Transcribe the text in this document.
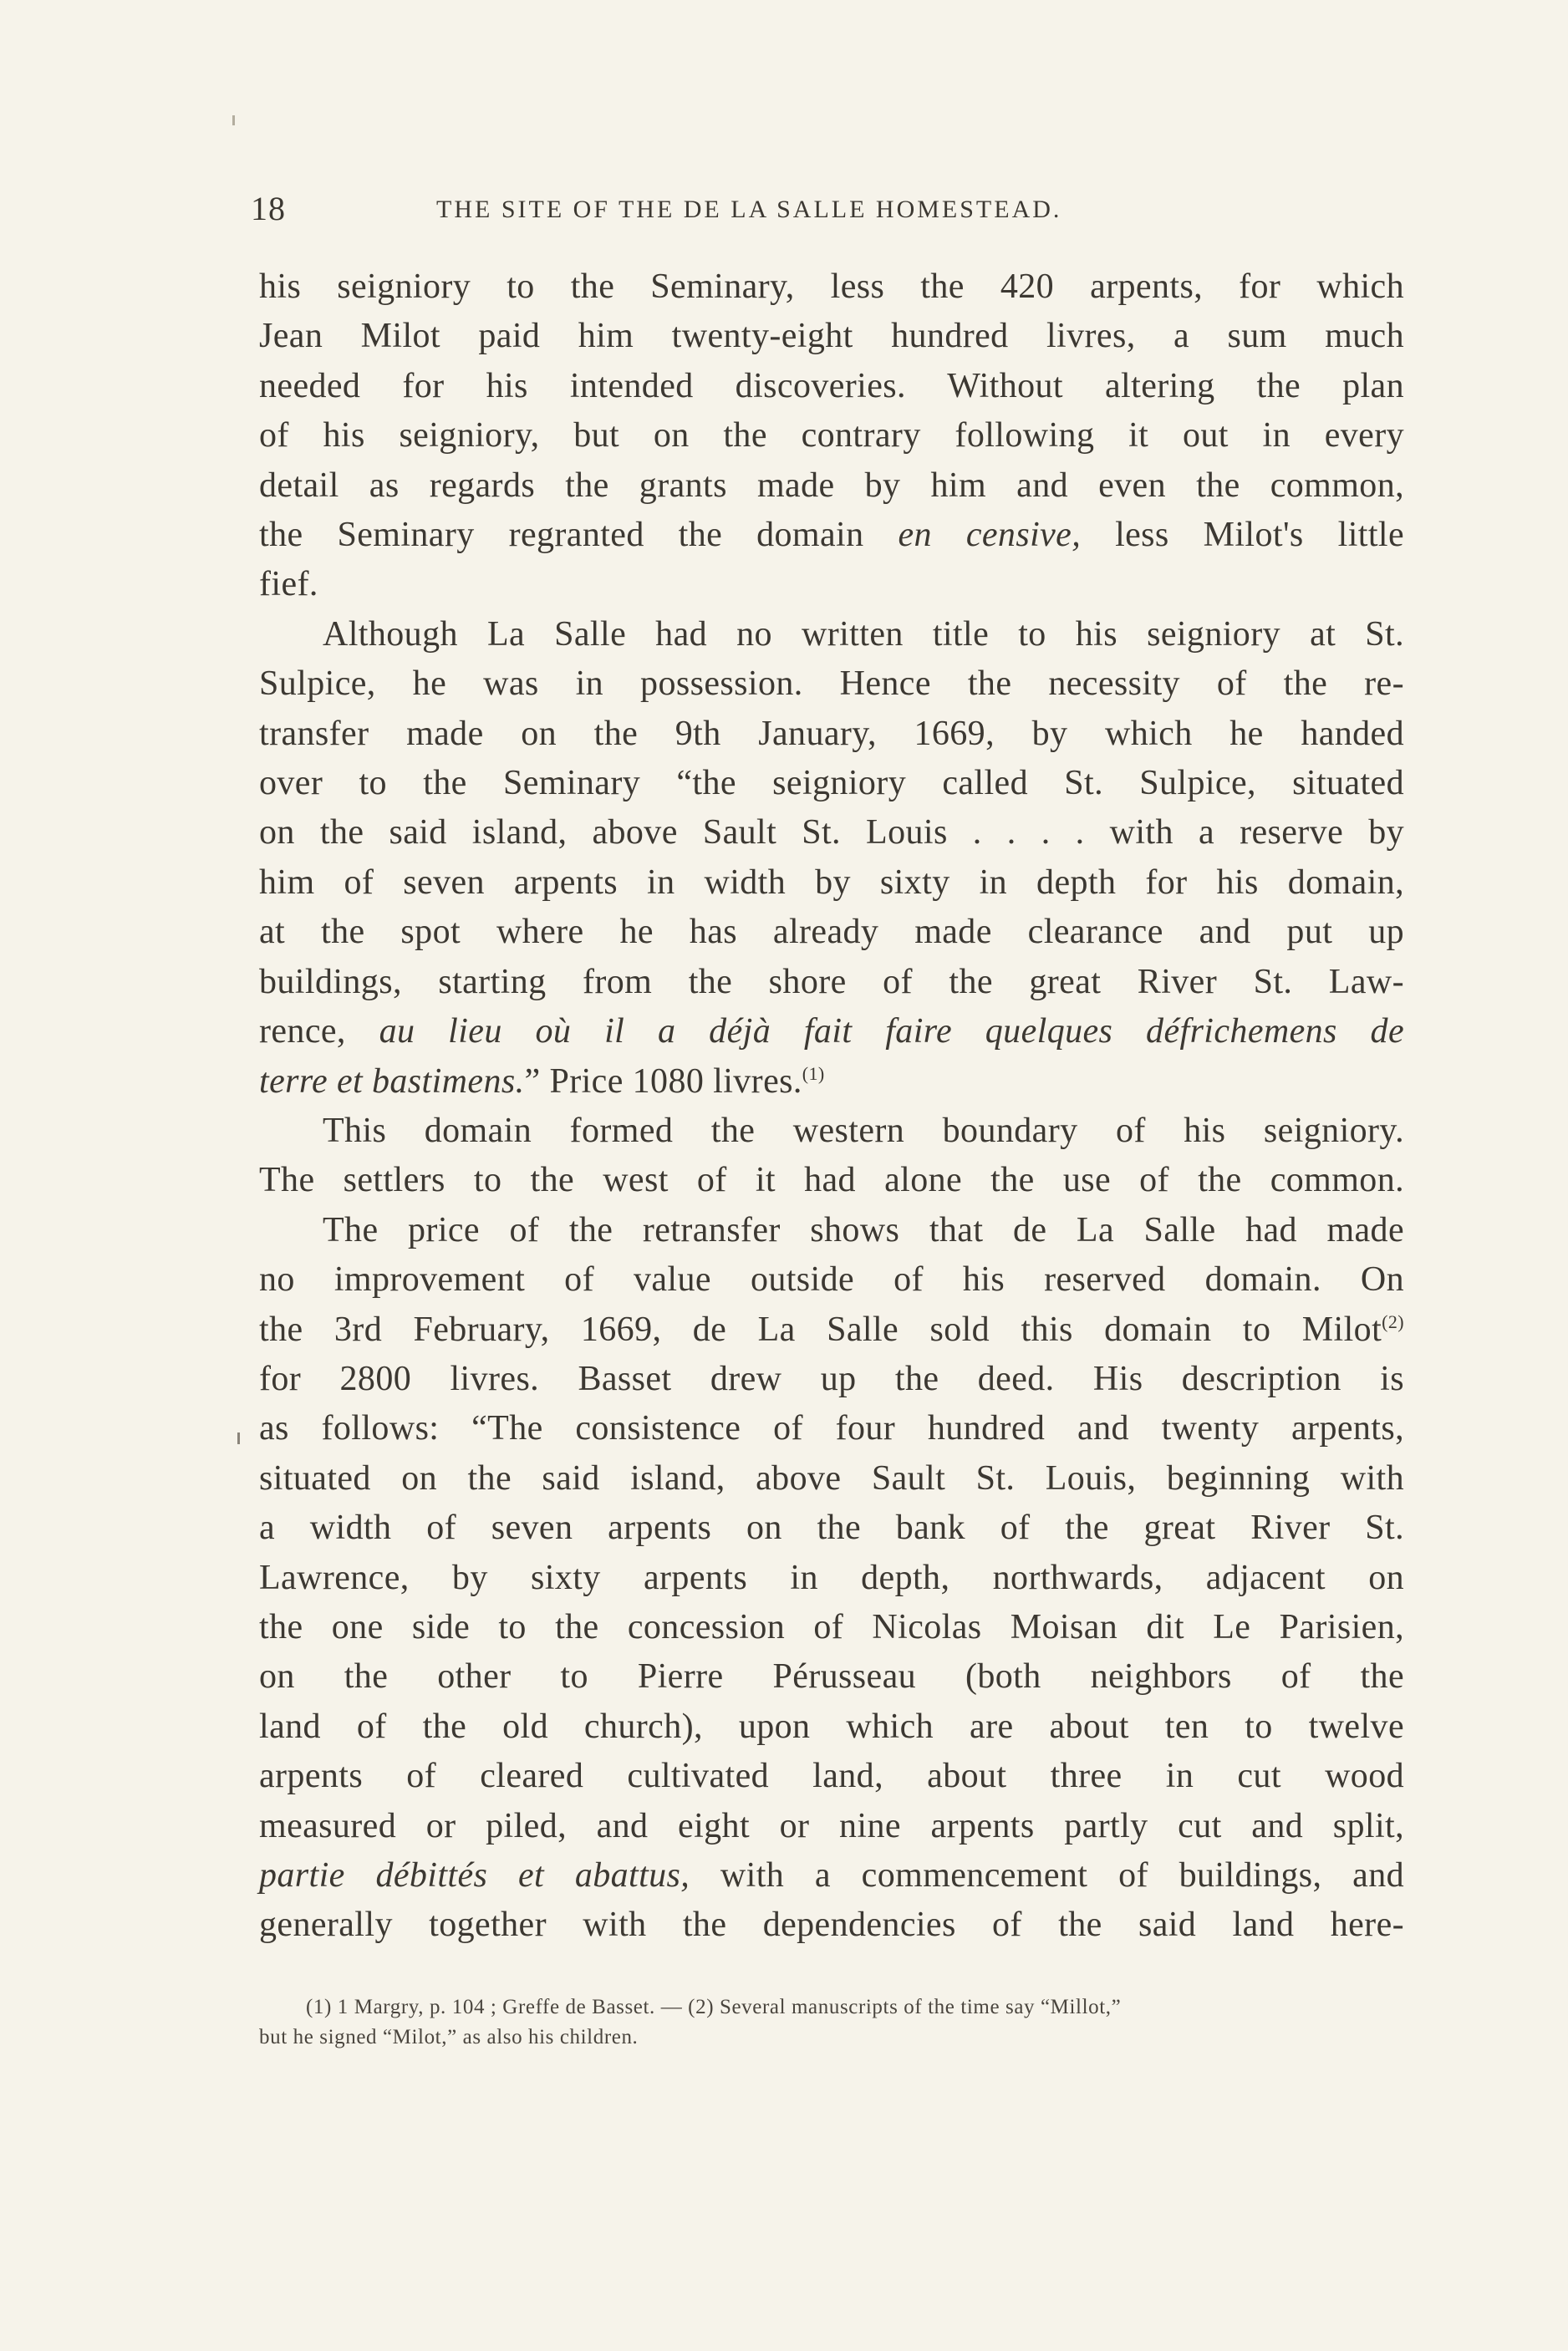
18	THE SITE OF THE DE LA SALLE HOMESTEAD.
his seigniory to the Seminary, less the 420 arpents, for which
Jean Milot paid him twenty-eight hundred livres, a sum much
needed for his intended discoveries. Without altering the plan
of his seigniory, but on the contrary following it out in every
detail as regards the grants made by him and even the common,
the Seminary regranted the domain en censive, less Milot's little
fief.
Although La Salle had no written title to his seigniory at St.
Sulpice, he was in possession. Hence the necessity of the re-
transfer made on the 9th January, 1669, by which he handed
over to the Seminary “the seigniory called St. Sulpice, situated
on the said island, above Sault St. Louis . . . . with a reserve by
him of seven arpents in width by sixty in depth for his domain,
at the spot where he has already made clearance and put up
buildings, starting from the shore of the great River St. Law-
rence, au lieu où il a déjà fait faire quelques défrichemens de
terre et bastimens.” Price 1080 livres.$^{(1)}$
This domain formed the western boundary of his seigniory.
The settlers to the west of it had alone the use of the common.
The price of the retransfer shows that de La Salle had made
no improvement of value outside of his reserved domain. On
the 3rd February, 1669, de La Salle sold this domain to Milot$^{(2)}$
for 2800 livres. Basset drew up the deed. His description is
as follows: “The consistence of four hundred and twenty arpents,
situated on the said island, above Sault St. Louis, beginning with
a width of seven arpents on the bank of the great River St.
Lawrence, by sixty arpents in depth, northwards, adjacent on
the one side to the concession of Nicolas Moisan dit Le Parisien,
on the other to Pierre Pérusseau (both neighbors of the
land of the old church), upon which are about ten to twelve
arpents of cleared cultivated land, about three in cut wood
measured or piled, and eight or nine arpents partly cut and split,
partie débittés et abattus, with a commencement of buildings, and
generally together with the dependencies of the said land here-
(1) 1 Margry, p. 104 ; Greffe de Basset. — (2) Several manuscripts of the time say “Millot,”
but he signed “Milot,” as also his children.
